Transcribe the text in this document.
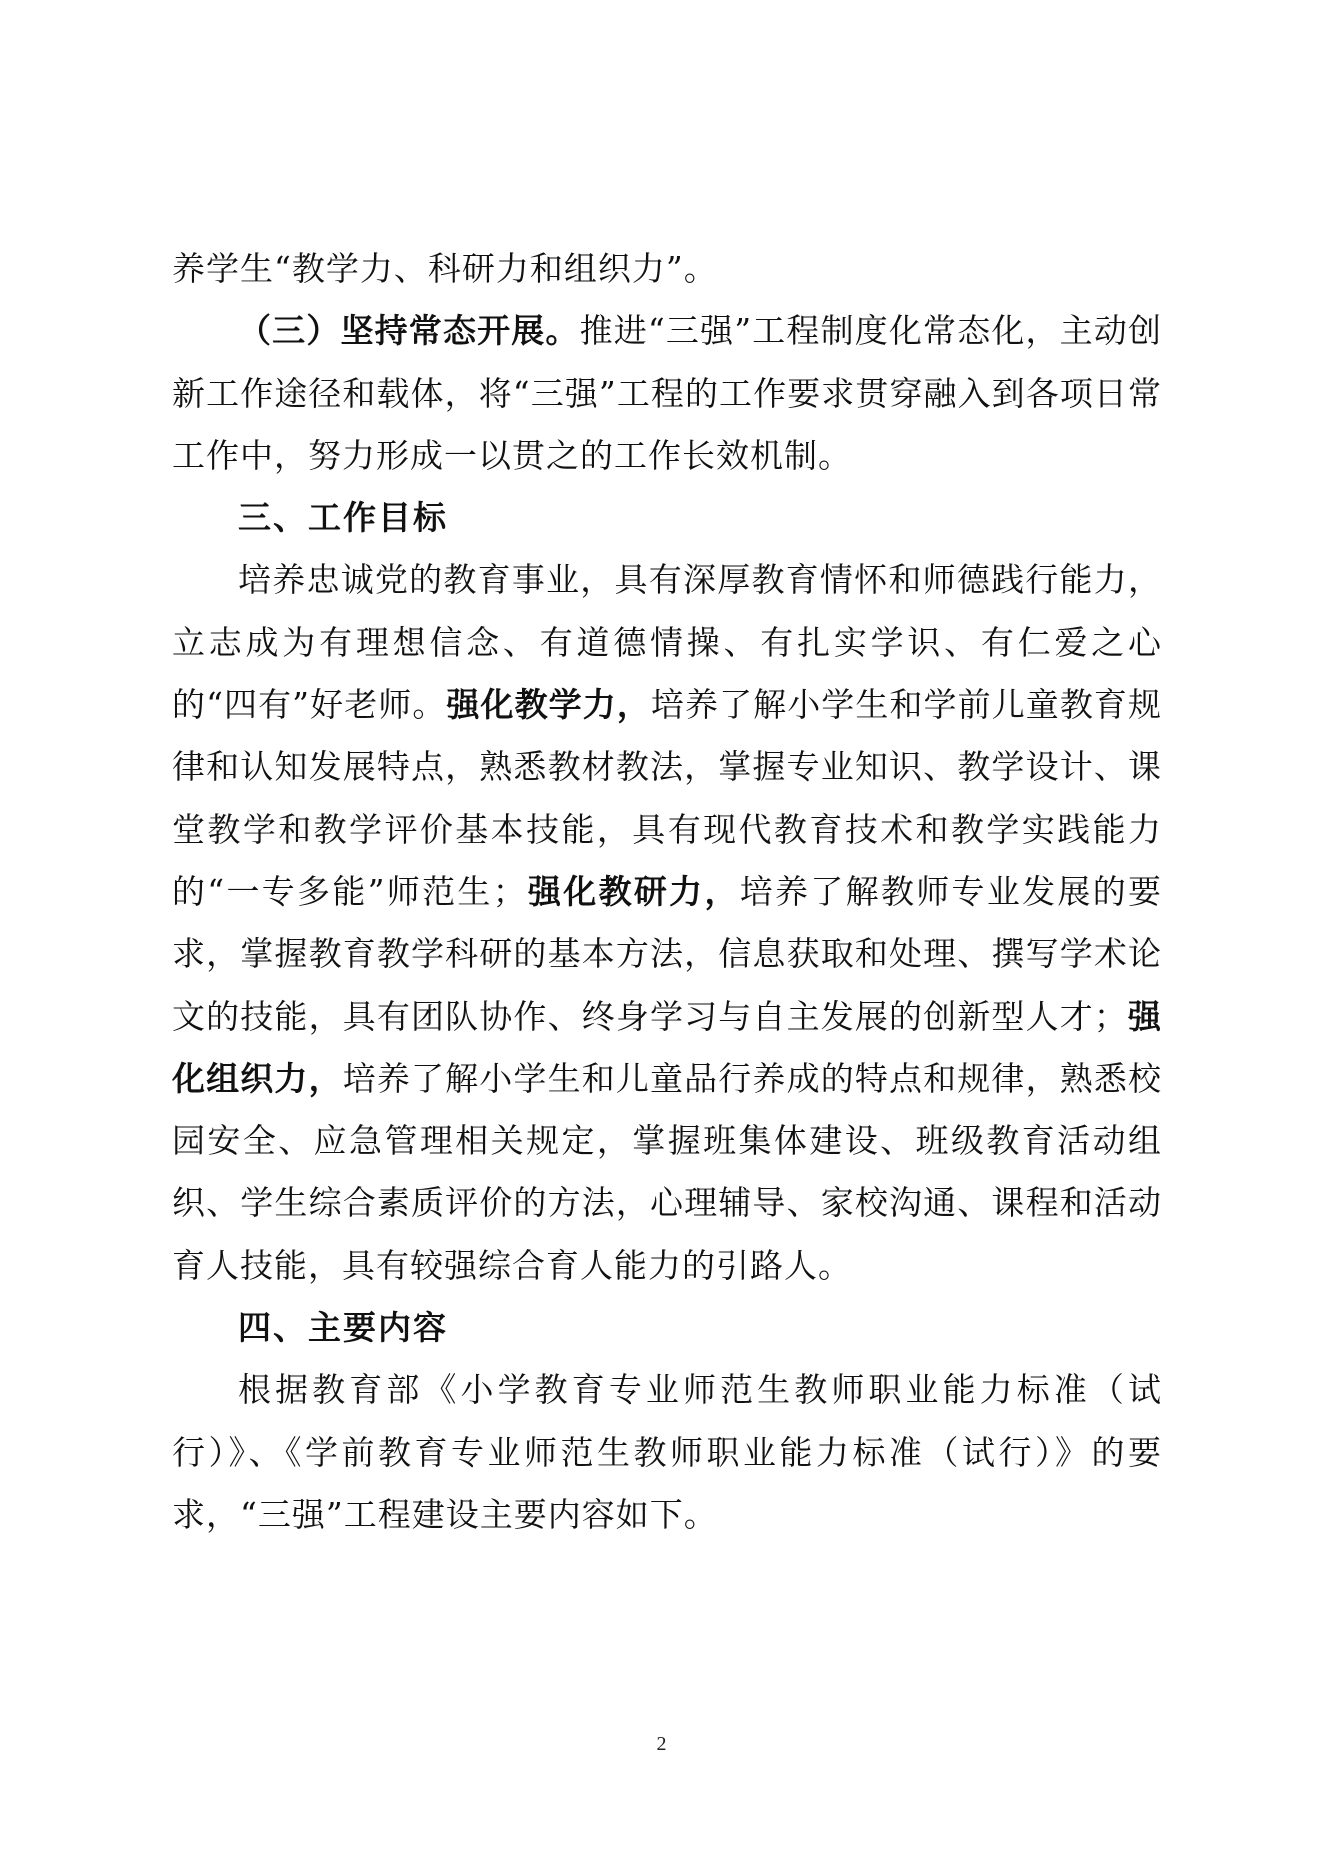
养学生“教学力、科研力和组织力”。

（三）坚持常态开展。推进“三强”工程制度化常态化，主动创新工作途径和载体，将“三强”工程的工作要求贯穿融入到各项日常工作中，努力形成一以贯之的工作长效机制。

三、工作目标

培养忠诚党的教育事业，具有深厚教育情怀和师德践行能力，立志成为有理想信念、有道德情操、有扎实学识、有仁爱之心的“四有”好老师。强化教学力，培养了解小学生和学前儿童教育规律和认知发展特点，熟悉教材教法，掌握专业知识、教学设计、课堂教学和教学评价基本技能，具有现代教育技术和教学实践能力的“一专多能”师范生；强化教研力，培养了解教师专业发展的要求，掌握教育教学科研的基本方法，信息获取和处理、撰写学术论文的技能，具有团队协作、终身学习与自主发展的创新型人才；强化组织力，培养了解小学生和儿童品行养成的特点和规律，熟悉校园安全、应急管理相关规定，掌握班集体建设、班级教育活动组织、学生综合素质评价的方法，心理辅导、家校沟通、课程和活动育人技能，具有较强综合育人能力的引路人。

四、主要内容

根据教育部《小学教育专业师范生教师职业能力标准（试行）》、《学前教育专业师范生教师职业能力标准（试行）》的要求，“三强”工程建设主要内容如下。

2
